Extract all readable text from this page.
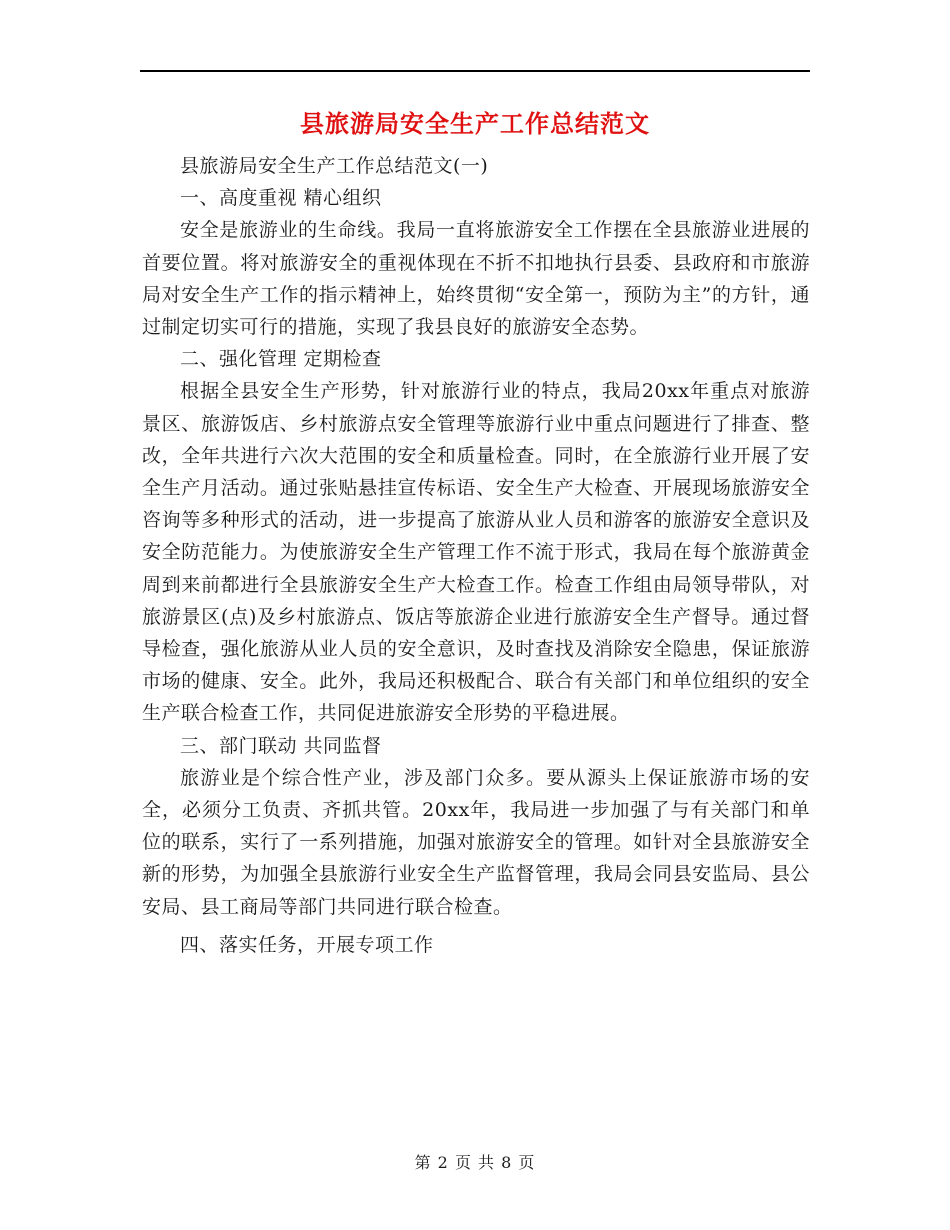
县旅游局安全生产工作总结范文

县旅游局安全生产工作总结范文(一)

一、高度重视 精心组织

安全是旅游业的生命线。我局一直将旅游安全工作摆在全县旅游业进展的首要位置。将对旅游安全的重视体现在不折不扣地执行县委、县政府和市旅游局对安全生产工作的指示精神上，始终贯彻“安全第一，预防为主”的方针，通过制定切实可行的措施，实现了我县良好的旅游安全态势。

二、强化管理 定期检查

根据全县安全生产形势，针对旅游行业的特点，我局20xx年重点对旅游景区、旅游饭店、乡村旅游点安全管理等旅游行业中重点问题进行了排查、整改，全年共进行六次大范围的安全和质量检查。同时，在全旅游行业开展了安全生产月活动。通过张贴悬挂宣传标语、安全生产大检查、开展现场旅游安全咨询等多种形式的活动，进一步提高了旅游从业人员和游客的旅游安全意识及安全防范能力。为使旅游安全生产管理工作不流于形式，我局在每个旅游黄金周到来前都进行全县旅游安全生产大检查工作。检查工作组由局领导带队，对旅游景区(点)及乡村旅游点、饭店等旅游企业进行旅游安全生产督导。通过督导检查，强化旅游从业人员的安全意识，及时查找及消除安全隐患，保证旅游市场的健康、安全。此外，我局还积极配合、联合有关部门和单位组织的安全生产联合检查工作，共同促进旅游安全形势的平稳进展。

三、部门联动 共同监督

旅游业是个综合性产业，涉及部门众多。要从源头上保证旅游市场的安全，必须分工负责、齐抓共管。20xx年，我局进一步加强了与有关部门和单位的联系，实行了一系列措施，加强对旅游安全的管理。如针对全县旅游安全新的形势，为加强全县旅游行业安全生产监督管理，我局会同县安监局、县公安局、县工商局等部门共同进行联合检查。

四、落实任务，开展专项工作

第 2 页 共 8 页
